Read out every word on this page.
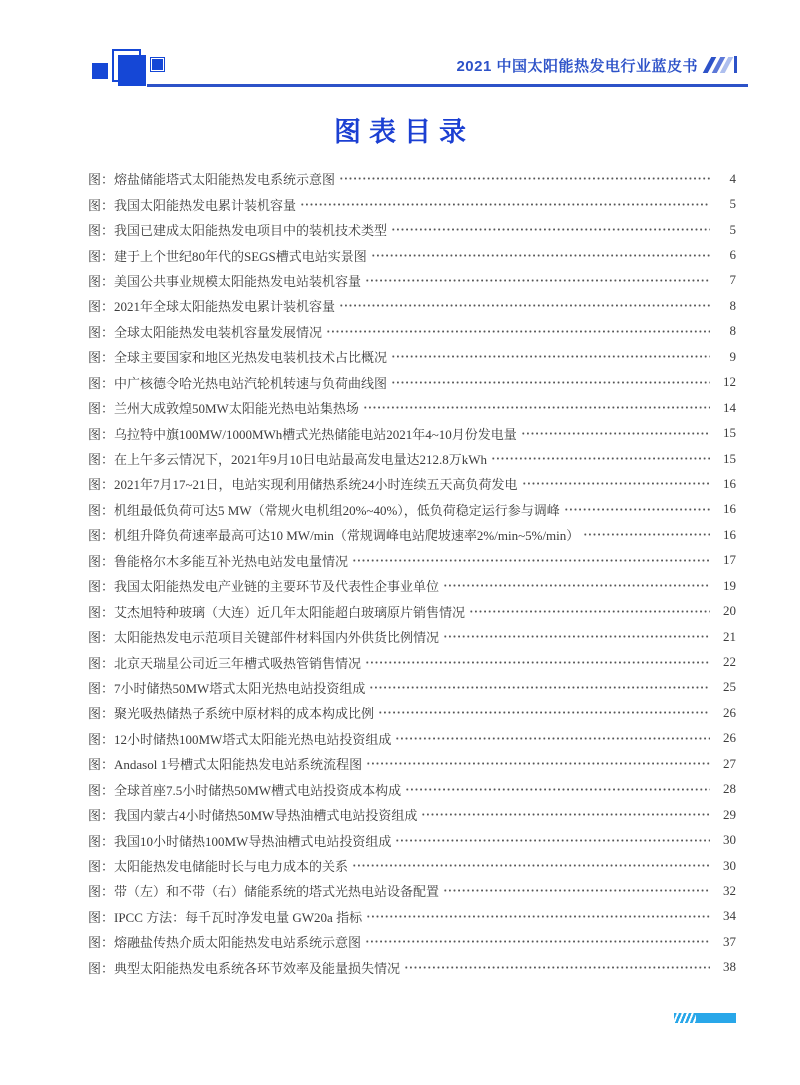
2021 中国太阳能热发电行业蓝皮书
图表目录
图：熔盐储能塔式太阳能热发电系统示意图	4
图：我国太阳能热发电累计装机容量	5
图：我国已建成太阳能热发电项目中的装机技术类型	5
图：建于上个世纪80年代的SEGS槽式电站实景图	6
图：美国公共事业规模太阳能热发电站装机容量	7
图：2021年全球太阳能热发电累计装机容量	8
图：全球太阳能热发电装机容量发展情况	8
图：全球主要国家和地区光热发电装机技术占比概况	9
图：中广核德令哈光热电站汽轮机转速与负荷曲线图	12
图：兰州大成敦煌50MW太阳能光热电站集热场	14
图：乌拉特中旗100MW/1000MWh槽式光热储能电站2021年4~10月份发电量	15
图：在上午多云情况下，2021年9月10日电站最高发电量达212.8万kWh	15
图：2021年7月17~21日，电站实现利用储热系统24小时连续五天高负荷发电	16
图：机组最低负荷可达5 MW（常规火电机组20%~40%），低负荷稳定运行参与调峰	16
图：机组升降负荷速率最高可达10 MW/min（常规调峰电站爬坡速率2%/min~5%/min）	16
图：鲁能格尔木多能互补光热电站发电量情况	17
图：我国太阳能热发电产业链的主要环节及代表性企事业单位	19
图：艾杰旭特种玻璃（大连）近几年太阳能超白玻璃原片销售情况	20
图：太阳能热发电示范项目关键部件材料国内外供货比例情况	21
图：北京天瑞星公司近三年槽式吸热管销售情况	22
图：7小时储热50MW塔式太阳光热电站投资组成	25
图：聚光吸热储热子系统中原材料的成本构成比例	26
图：12小时储热100MW塔式太阳能光热电站投资组成	26
图：Andasol 1号槽式太阳能热发电站系统流程图	27
图：全球首座7.5小时储热50MW槽式电站投资成本构成	28
图：我国内蒙古4小时储热50MW导热油槽式电站投资组成	29
图：我国10小时储热100MW导热油槽式电站投资组成	30
图：太阳能热发电储能时长与电力成本的关系	30
图：带（左）和不带（右）储能系统的塔式光热电站设备配置	32
图：IPCC 方法：每千瓦时净发电量 GW20a 指标	34
图：熔融盐传热介质太阳能热发电站系统示意图	37
图：典型太阳能热发电系统各环节效率及能量损失情况	38
